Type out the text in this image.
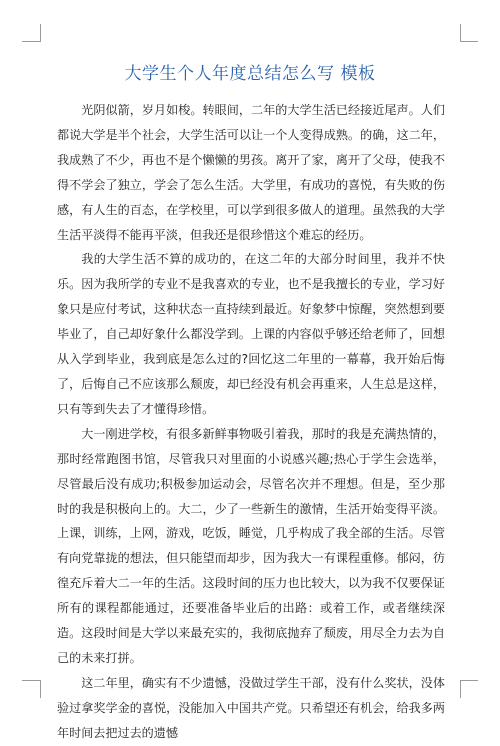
大学生个人年度总结怎么写 模板

光阴似箭，岁月如梭。转眼间，二年的大学生活已经接近尾声。人们都说大学是半个社会，大学生活可以让一个人变得成熟。的确，这二年，我成熟了不少，再也不是个懒懒的男孩。离开了家，离开了父母，使我不得不学会了独立，学会了怎么生活。大学里，有成功的喜悦，有失败的伤感，有人生的百态，在学校里，可以学到很多做人的道理。虽然我的大学生活平淡得不能再平淡，但我还是很珍惜这个难忘的经历。

我的大学生活不算的成功的，在这二年的大部分时间里，我并不快乐。因为我所学的专业不是我喜欢的专业，也不是我擅长的专业，学习好象只是应付考试，这种状态一直持续到最近。好象梦中惊醒，突然想到要毕业了，自己却好象什么都没学到。上课的内容似乎够还给老师了，回想从入学到毕业，我到底是怎么过的?回忆这二年里的一幕幕，我开始后悔了，后悔自己不应该那么颓废，却已经没有机会再重来，人生总是这样，只有等到失去了才懂得珍惜。

大一刚进学校，有很多新鲜事物吸引着我，那时的我是充满热情的，那时经常跑图书馆，尽管我只对里面的小说感兴趣;热心于学生会选举，尽管最后没有成功;积极参加运动会，尽管名次并不理想。但是，至少那时的我是积极向上的。大二，少了一些新生的激情，生活开始变得平淡。上课，训练，上网，游戏，吃饭，睡觉，几乎构成了我全部的生活。尽管有向党靠拢的想法，但只能望而却步，因为我大一有课程重修。郁闷，彷徨充斥着大二一年的生活。这段时间的压力也比较大，以为我不仅要保证所有的课程都能通过，还要准备毕业后的出路：或着工作，或者继续深造。这段时间是大学以来最充实的，我彻底抛弃了颓废，用尽全力去为自己的未来打拼。

这二年里，确实有不少遗憾，没做过学生干部，没有什么奖状，没体验过拿奖学金的喜悦，没能加入中国共产党。只希望还有机会，给我多两年时间去把过去的遗憾
